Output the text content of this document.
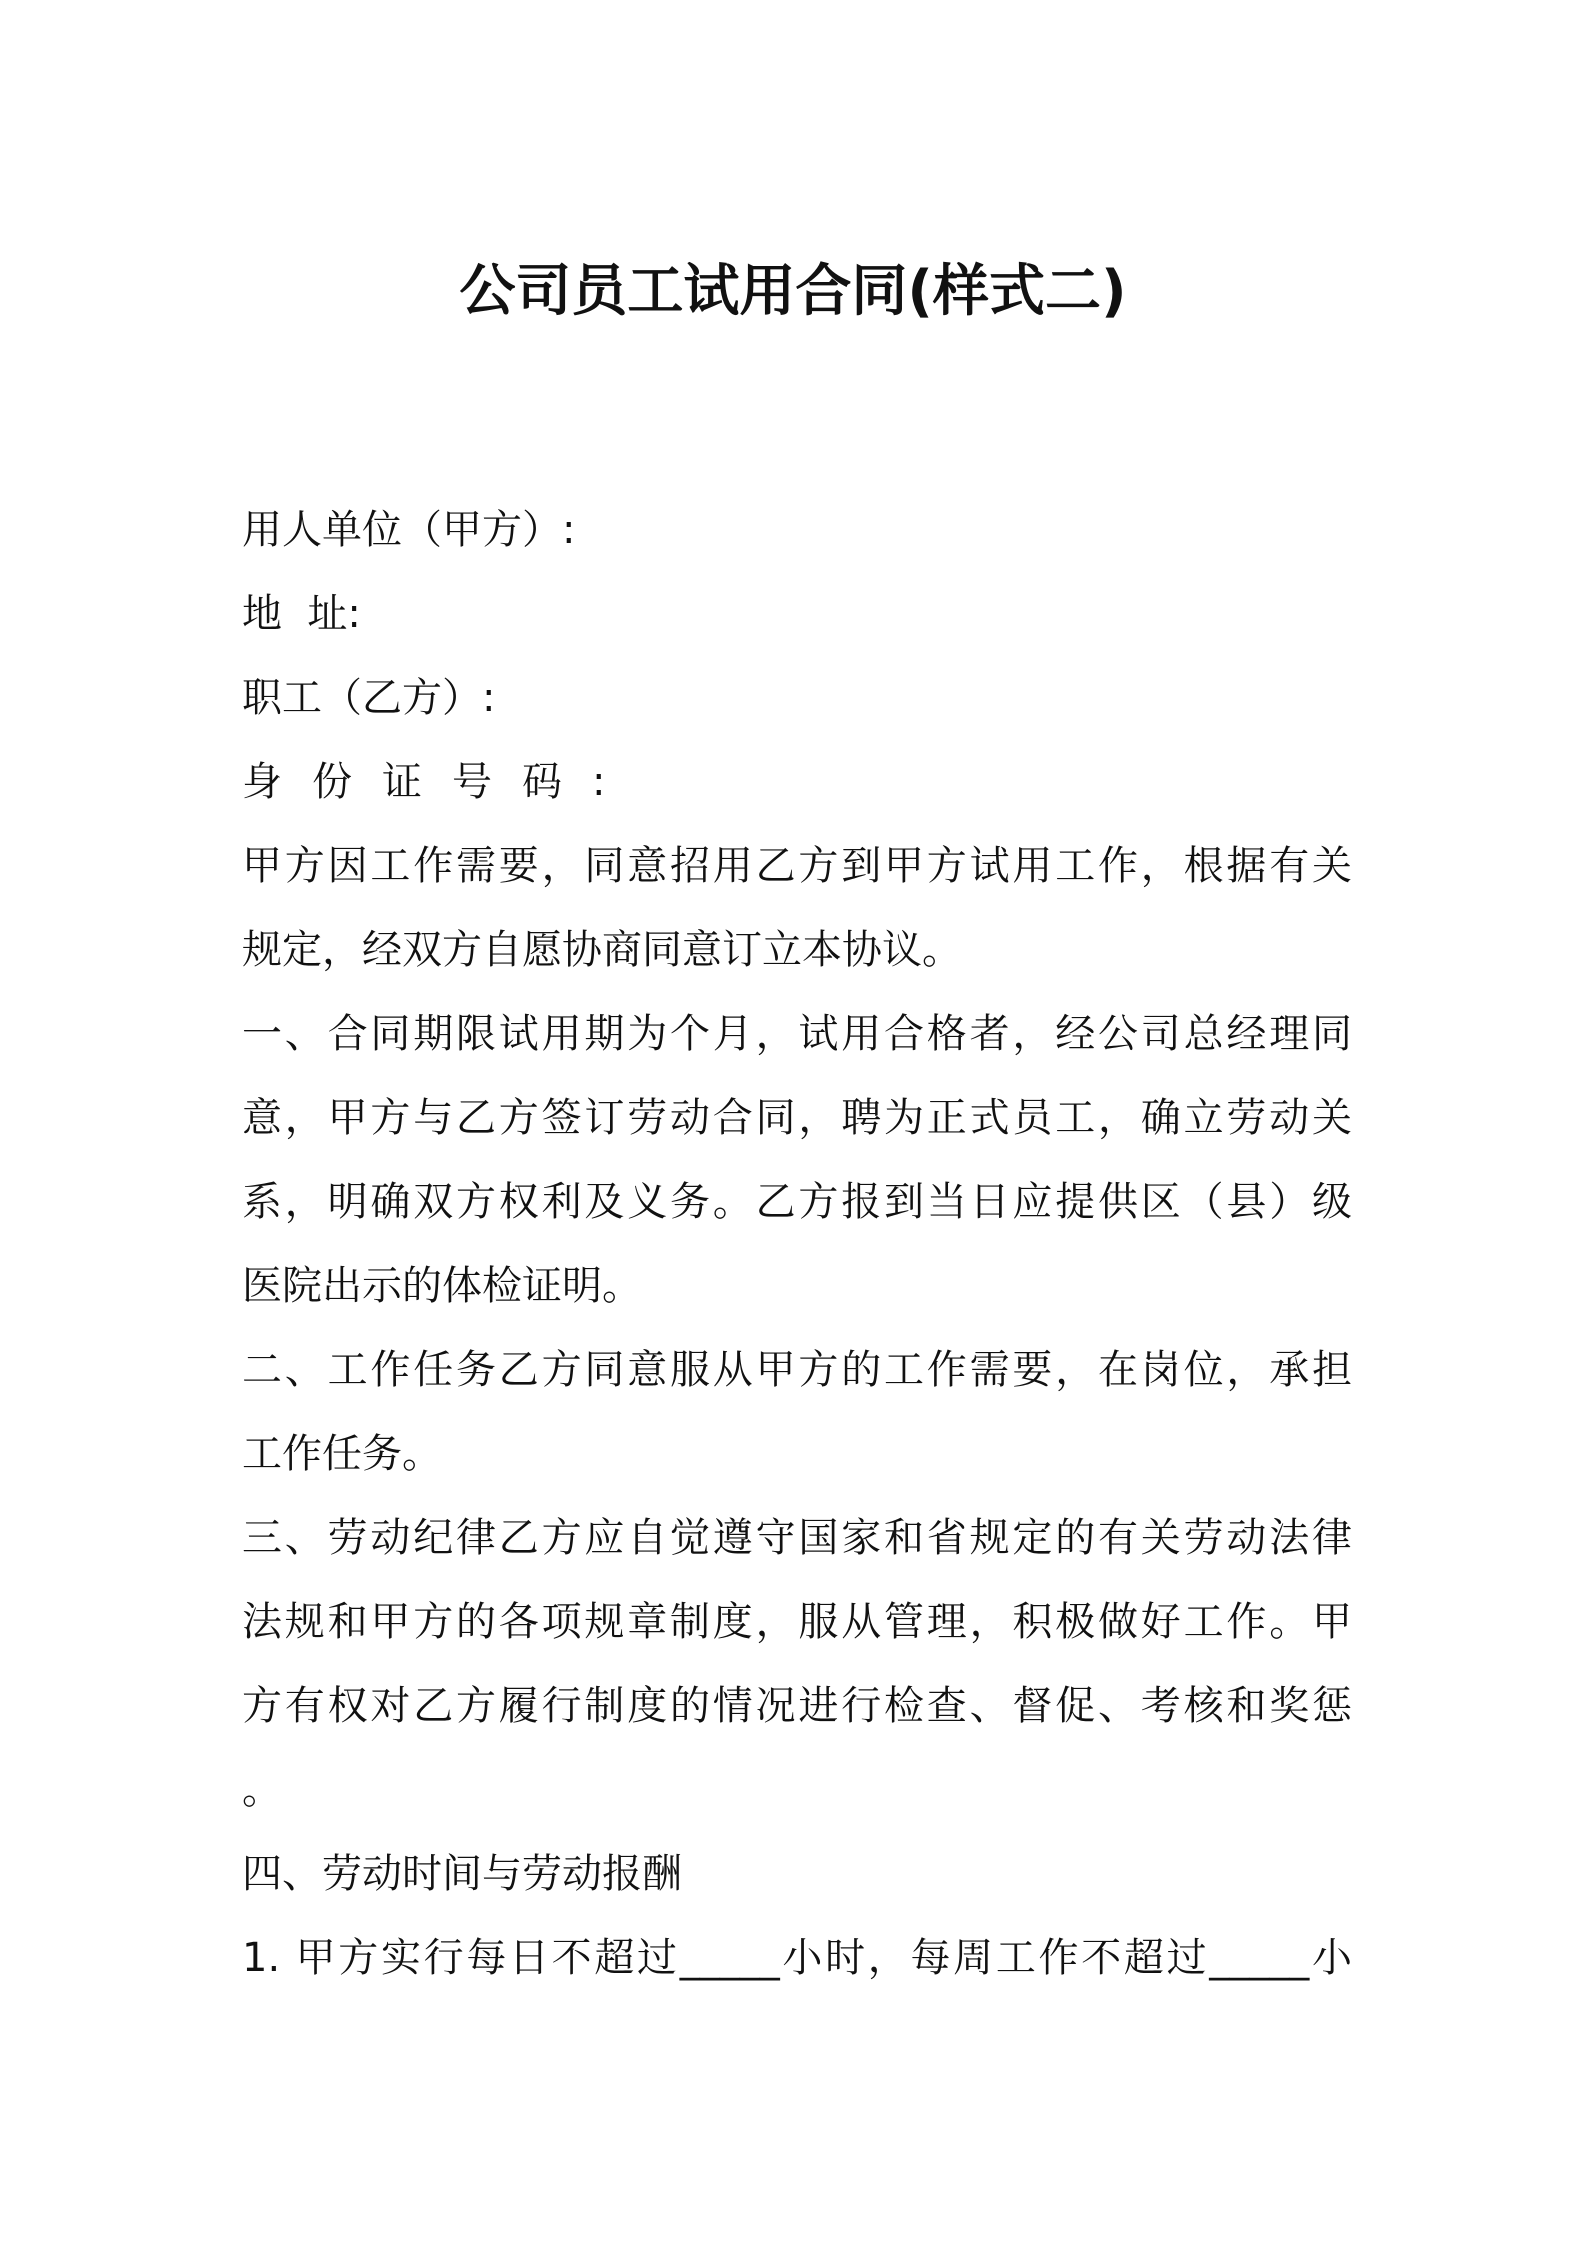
公司员工试用合同(样式二)
用人单位（甲方）:
地  址:
职工（乙方）:
身份证号码:
甲方因工作需要，同意招用乙方到甲方试用工作，根据有关
规定，经双方自愿协商同意订立本协议。
一、合同期限试用期为个月，试用合格者，经公司总经理同
意，甲方与乙方签订劳动合同，聘为正式员工，确立劳动关
系，明确双方权利及义务。乙方报到当日应提供区（县）级
医院出示的体检证明。
二、工作任务乙方同意服从甲方的工作需要，在岗位，承担
工作任务。
三、劳动纪律乙方应自觉遵守国家和省规定的有关劳动法律
法规和甲方的各项规章制度，服从管理，积极做好工作。甲
方有权对乙方履行制度的情况进行检查、督促、考核和奖惩
。
四、劳动时间与劳动报酬
1. 甲方实行每日不超过_____小时，每周工作不超过_____小
